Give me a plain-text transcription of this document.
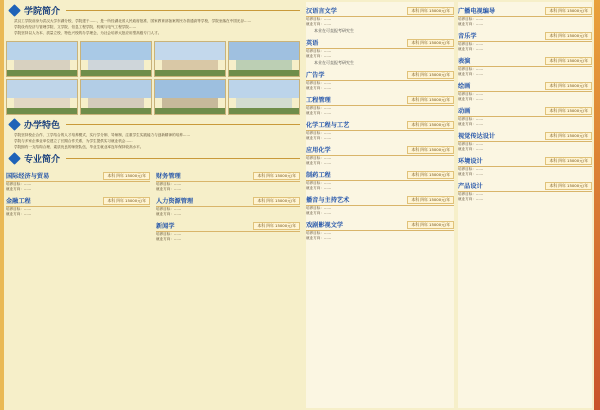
学院简介

武汉工学院前身为武汉大学东湖分校，学院建于……，是一所经湖北省人民政府批准、国家教育部备案的民办普通高等学校，学院坐落在中国光谷……

学院设有经济与管理学院、文学院、信息工程学院、机械与电气工程学院……

学院坚持以人为本、质量立校、特色兴校的办学理念，为社会培养大批应用型高级专门人才。

办学特色

学院坚持校企合作、工学结合的人才培养模式，实行学分制、导师制，注重学生实践能力与创新精神的培养……

学院与多家企事业单位建立了长期合作关系，为学生提供实习就业机会……

学院拥有一支结构合理、素质优良的师资队伍，毕业生就业率连年保持较高水平。

专业简介
国际经济与贸易	本科 四年 15000元/年

培养目标：……

就业方向：……

金融工程	本科 四年 15000元/年

培养目标：……

就业方向：……

财务管理	本科 四年 15000元/年

培养目标：……

就业方向：……

人力资源管理	本科 四年 15000元/年

培养目标：……

就业方向：……

新闻学	本科 四年 15000元/年

培养目标：……

就业方向：……

汉语言文学	本科 四年 15000元/年

培养目标：……

就业方向：……

本业在可直报考研究生

英语	本科 四年 15000元/年

培养目标：……

就业方向：……

本业在可直报考研究生

广告学	本科 四年 15000元/年

培养目标：……

就业方向：……

工程管理	本科 四年 15000元/年

培养目标：……

就业方向：……

化学工程与工艺	本科 四年 15000元/年

培养目标：……

就业方向：……

应用化学	本科 四年 15000元/年

培养目标：……

就业方向：……

制药工程	本科 四年 15000元/年

培养目标：……

就业方向：……

播音与主持艺术	本科 四年 15000元/年

培养目标：……

就业方向：……

戏剧影视文学	本科 四年 15000元/年

培养目标：……

就业方向：……

广播电视编导	本科 四年 15000元/年

培养目标：……

就业方向：……

音乐学	本科 四年 15000元/年

培养目标：……

就业方向：……

表演	本科 四年 15000元/年

培养目标：……

就业方向：……

绘画	本科 四年 15000元/年

培养目标：……

就业方向：……

动画	本科 四年 15000元/年

培养目标：……

就业方向：……

视觉传达设计	本科 四年 15000元/年

培养目标：……

就业方向：……

环境设计	本科 四年 15000元/年

培养目标：……

就业方向：……

产品设计	本科 四年 15000元/年

培养目标：……

就业方向：……
